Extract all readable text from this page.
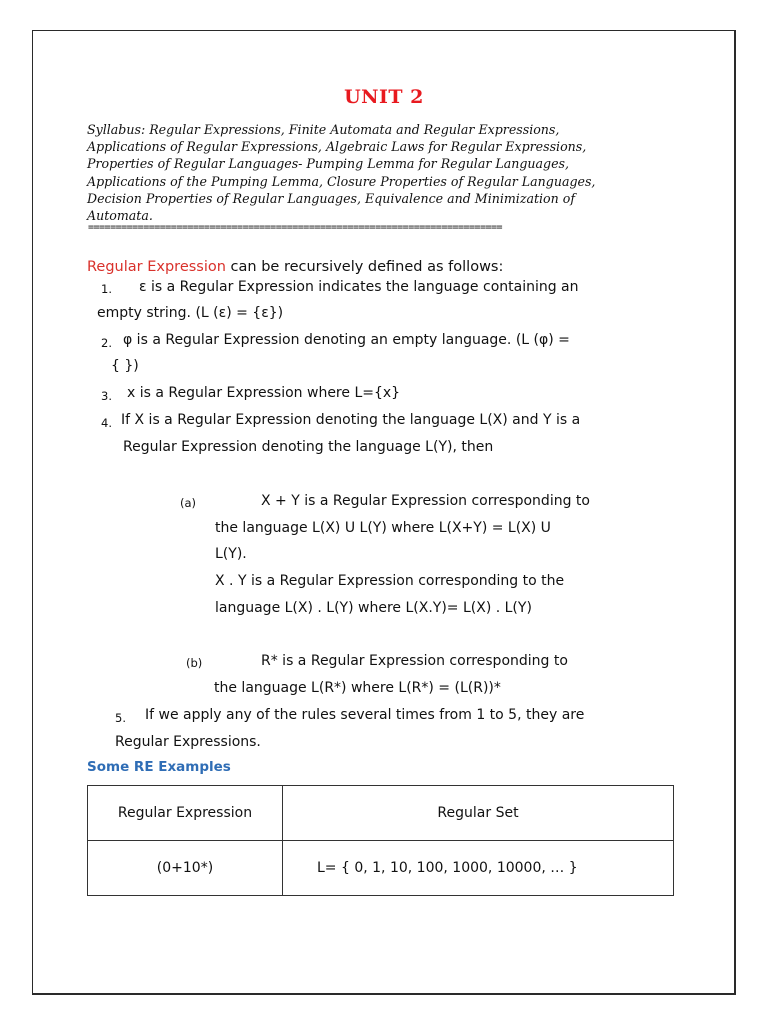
UNIT 2
Syllabus: Regular Expressions, Finite Automata and Regular Expressions,
Applications of Regular Expressions, Algebraic Laws for Regular Expressions,
Properties of Regular Languages- Pumping Lemma for Regular Languages,
Applications of the Pumping Lemma, Closure Properties of Regular Languages,
Decision Properties of Regular Languages, Equivalence and Minimization of
Automata.
===========================================================================
Regular Expression can be recursively defined as follows:
1. ε is a Regular Expression indicates the language containing an
empty string. (L (ε) = {ε})
2. φ is a Regular Expression denoting an empty language. (L (φ) =
{ })
3. x is a Regular Expression where L={x}
4. If X is a Regular Expression denoting the language L(X) and Y is a
Regular Expression denoting the language L(Y), then
(a)	X + Y is a Regular Expression corresponding to
the language L(X) U L(Y) where L(X+Y) = L(X) U
L(Y).
X . Y is a Regular Expression corresponding to the
language L(X) . L(Y) where L(X.Y)= L(X) . L(Y)
(b)	R* is a Regular Expression corresponding to
the language L(R*) where L(R*) = (L(R))*
5. If we apply any of the rules several times from 1 to 5, they are
Regular Expressions.
Some RE Examples
Regular Expression	Regular Set
(0+10*)	L= { 0, 1, 10, 100, 1000, 10000, … }
